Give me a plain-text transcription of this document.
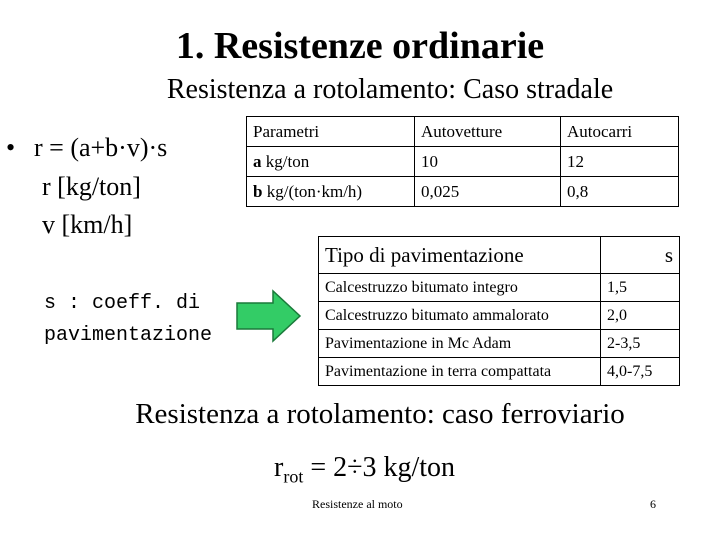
1. Resistenze ordinarie
Resistenza a rotolamento: Caso stradale
• r = (a+b·v)·s
r [kg/ton]
v [km/h]
s : coeff. di pavimentazione
Parametri	Autovetture	Autocarri
a kg/ton	10	12
b kg/(ton·km/h)	0,025	0,8
Tipo di pavimentazione	s
Calcestruzzo bitumato integro	1,5
Calcestruzzo bitumato ammalorato	2,0
Pavimentazione in Mc Adam	2-3,5
Pavimentazione in terra compattata	4,0-7,5
Resistenza a rotolamento: caso ferroviario
$r_{rot} = 2\div 3$ kg/ton
Resistenze al moto	6
